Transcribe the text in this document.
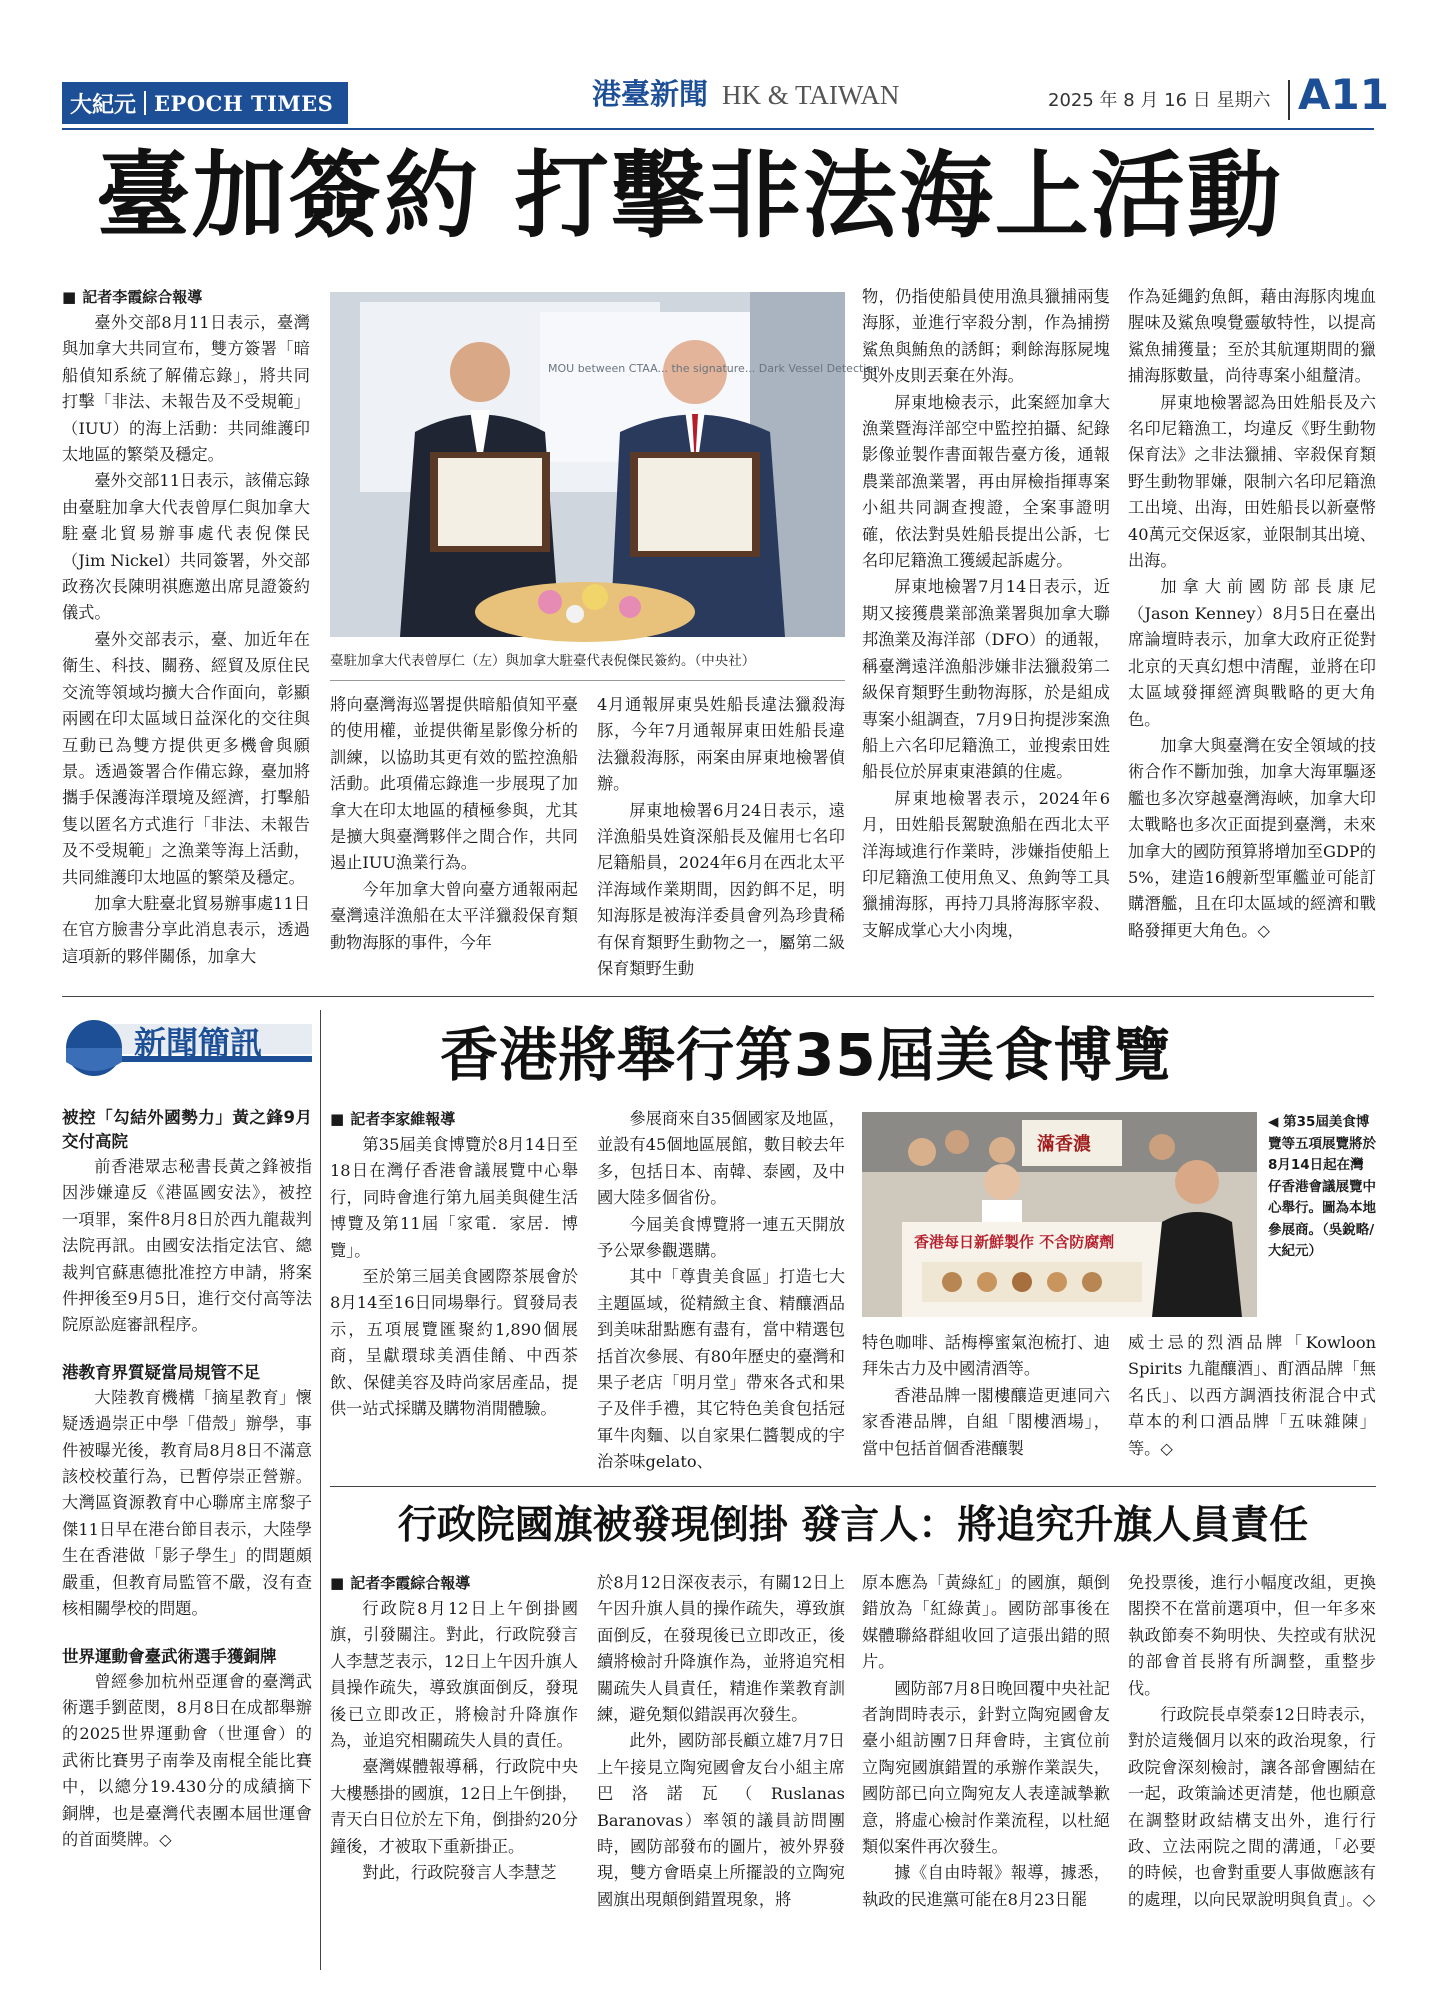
大紀元 EPOCH TIMES	港臺新聞 HK & TAIWAN	2025 年 8 月 16 日 星期六 A11
臺加簽約 打擊非法海上活動

■ 記者李霞綜合報導

臺外交部8月11日表示，臺灣與加拿大共同宣布，雙方簽署「暗船偵知系統了解備忘錄」，將共同打擊「非法、未報告及不受規範」（IUU）的海上活動：共同維護印太地區的繁榮及穩定。

臺外交部11日表示，該備忘錄由臺駐加拿大代表曾厚仁與加拿大駐臺北貿易辦事處代表倪傑民（Jim Nickel）共同簽署，外交部政務次長陳明祺應邀出席見證簽約儀式。

臺外交部表示，臺、加近年在衛生、科技、關務、經貿及原住民交流等領域均擴大合作面向，彰顯兩國在印太區域日益深化的交往與互動已為雙方提供更多機會與願景。透過簽署合作備忘錄，臺加將攜手保護海洋環境及經濟，打擊船隻以匿名方式進行「非法、未報告及不受規範」之漁業等海上活動，共同維護印太地區的繁榮及穩定。

加拿大駐臺北貿易辦事處11日在官方臉書分享此消息表示，透過這項新的夥伴關係，加拿大

MOU between CTAA... the signature... Dark Vessel Detection
臺駐加拿大代表曾厚仁（左）與加拿大駐臺代表倪傑民簽約。（中央社）

將向臺灣海巡署提供暗船偵知平臺的使用權，並提供衛星影像分析的訓練，以協助其更有效的監控漁船活動。此項備忘錄進一步展現了加拿大在印太地區的積極參與，尤其是擴大與臺灣夥伴之間合作，共同遏止IUU漁業行為。

今年加拿大曾向臺方通報兩起臺灣遠洋漁船在太平洋獵殺保育類動物海豚的事件，今年

4月通報屏東吳姓船長違法獵殺海豚，今年7月通報屏東田姓船長違法獵殺海豚，兩案由屏東地檢署偵辦。

屏東地檢署6月24日表示，遠洋漁船吳姓資深船長及僱用七名印尼籍船員，2024年6月在西北太平洋海域作業期間，因釣餌不足，明知海豚是被海洋委員會列為珍貴稀有保育類野生動物之一，屬第二級保育類野生動

物，仍指使船員使用漁具獵捕兩隻海豚，並進行宰殺分割，作為捕撈鯊魚與鮪魚的誘餌；剩餘海豚屍塊與外皮則丟棄在外海。

屏東地檢表示，此案經加拿大漁業暨海洋部空中監控拍攝、紀錄影像並製作書面報告臺方後，通報農業部漁業署，再由屏檢指揮專案小組共同調查搜證，全案事證明確，依法對吳姓船長提出公訴，七名印尼籍漁工獲緩起訴處分。

屏東地檢署7月14日表示，近期又接獲農業部漁業署與加拿大聯邦漁業及海洋部（DFO）的通報，稱臺灣遠洋漁船涉嫌非法獵殺第二級保育類野生動物海豚，於是組成專案小組調查，7月9日拘提涉案漁船上六名印尼籍漁工，並搜索田姓船長位於屏東東港鎮的住處。

屏東地檢署表示，2024年6月，田姓船長駕駛漁船在西北太平洋海域進行作業時，涉嫌指使船上印尼籍漁工使用魚叉、魚鉤等工具獵捕海豚，再持刀具將海豚宰殺、支解成掌心大小肉塊，

作為延繩釣魚餌，藉由海豚肉塊血腥味及鯊魚嗅覺靈敏特性，以提高鯊魚捕獲量；至於其航運期間的獵捕海豚數量，尚待專案小組釐清。

屏東地檢署認為田姓船長及六名印尼籍漁工，均違反《野生動物保育法》之非法獵捕、宰殺保育類野生動物罪嫌，限制六名印尼籍漁工出境、出海，田姓船長以新臺幣40萬元交保返家，並限制其出境、出海。

加拿大前國防部長康尼（Jason Kenney）8月5日在臺出席論壇時表示，加拿大政府正從對北京的天真幻想中清醒，並將在印太區域發揮經濟與戰略的更大角色。

加拿大與臺灣在安全領域的技術合作不斷加強，加拿大海軍驅逐艦也多次穿越臺灣海峽，加拿大印太戰略也多次正面提到臺灣，未來加拿大的國防預算將增加至GDP的5%，建造16艘新型軍艦並可能訂購潛艦，且在印太區域的經濟和戰略發揮更大角色。◇

新聞簡訊
被控「勾結外國勢力」黃之鋒9月交付高院

前香港眾志秘書長黃之鋒被指因涉嫌違反《港區國安法》，被控一項罪，案件8月8日於西九龍裁判法院再訊。由國安法指定法官、總裁判官蘇惠德批准控方申請，將案件押後至9月5日，進行交付高等法院原訟庭審訊程序。

港教育界質疑當局規管不足

大陸教育機構「摘星教育」懷疑透過崇正中學「借殼」辦學，事件被曝光後，教育局8月8日不滿意該校校董行為，已暫停崇正營辦。大灣區資源教育中心聯席主席黎子傑11日早在港台節目表示，大陸學生在香港做「影子學生」的問題頗嚴重，但教育局監管不嚴，沒有查核相關學校的問題。

世界運動會臺武術選手獲銅牌

曾經參加杭州亞運會的臺灣武術選手劉茝閔，8月8日在成都舉辦的2025世界運動會（世運會）的武術比賽男子南拳及南棍全能比賽中，以總分19.430分的成績摘下銅牌，也是臺灣代表團本屆世運會的首面獎牌。◇

香港將舉行第35屆美食博覽

■ 記者李家維報導

第35屆美食博覽於8月14日至18日在灣仔香港會議展覽中心舉行，同時會進行第九屆美與健生活博覽及第11屆「家電．家居．博覽」。

至於第三屆美食國際茶展會於8月14至16日同場舉行。貿發局表示，五項展覽匯聚約1,890個展商，呈獻環球美酒佳餚、中西茶飲、保健美容及時尚家居產品，提供一站式採購及購物消閒體驗。

參展商來自35個國家及地區，並設有45個地區展館，數目較去年多，包括日本、南韓、泰國，及中國大陸多個省份。

今屆美食博覽將一連五天開放予公眾參觀選購。

其中「尊貴美食區」打造七大主題區域，從精緻主食、精釀酒品到美味甜點應有盡有，當中精選包括首次參展、有80年歷史的臺灣和果子老店「明月堂」帶來各式和果子及伴手禮，其它特色美食包括冠軍牛肉麵、以自家果仁醬製成的宇治茶味gelato、

滿香濃
香港每日新鮮製作 不含防腐劑
◀ 第35屆美食博覽等五項展覽將於8月14日起在灣仔香港會議展覽中心舉行。圖為本地參展商。（吳銳略/大紀元）

特色咖啡、話梅檸蜜氣泡梳打、迪拜朱古力及中國清酒等。

香港品牌一閣樓釀造更連同六家香港品牌，自組「閣樓酒場」，當中包括首個香港釀製

威士忌的烈酒品牌「Kowloon Spirits 九龍釀酒」、酊酒品牌「無名氏」、以西方調酒技術混合中式草本的利口酒品牌「五味雜陳」等。◇

行政院國旗被發現倒掛 發言人：將追究升旗人員責任

■ 記者李霞綜合報導

行政院8月12日上午倒掛國旗，引發關注。對此，行政院發言人李慧芝表示，12日上午因升旗人員操作疏失，導致旗面倒反，發現後已立即改正，將檢討升降旗作為，並追究相關疏失人員的責任。

臺灣媒體報導稱，行政院中央大樓懸掛的國旗，12日上午倒掛，青天白日位於左下角，倒掛約20分鐘後，才被取下重新掛正。

對此，行政院發言人李慧芝

於8月12日深夜表示，有關12日上午因升旗人員的操作疏失，導致旗面倒反，在發現後已立即改正，後續將檢討升降旗作為，並將追究相關疏失人員責任，精進作業教育訓練，避免類似錯誤再次發生。

此外，國防部長顧立雄7月7日上午接見立陶宛國會友台小組主席巴洛諾瓦（Ruslanas Baranovas）率領的議員訪問團時，國防部發布的圖片，被外界發現，雙方會晤桌上所擺設的立陶宛國旗出現顛倒錯置現象，將

原本應為「黃綠紅」的國旗，顛倒錯放為「紅綠黃」。國防部事後在媒體聯絡群組收回了這張出錯的照片。

國防部7月8日晚回覆中央社記者詢問時表示，針對立陶宛國會友臺小組訪團7日拜會時，主賓位前立陶宛國旗錯置的承辦作業誤失，國防部已向立陶宛友人表達誠摯歉意，將虛心檢討作業流程，以杜絕類似案件再次發生。

據《自由時報》報導，據悉，執政的民進黨可能在8月23日罷

免投票後，進行小幅度改組，更換閣揆不在當前選項中，但一年多來執政節奏不夠明快、失控或有狀況的部會首長將有所調整，重整步伐。

行政院長卓榮泰12日時表示，對於這幾個月以來的政治現象，行政院會深刻檢討，讓各部會團結在一起，政策論述更清楚，他也願意在調整財政結構支出外，進行行政、立法兩院之間的溝通，「必要的時候，也會對重要人事做應該有的處理，以向民眾說明與負責」。◇
